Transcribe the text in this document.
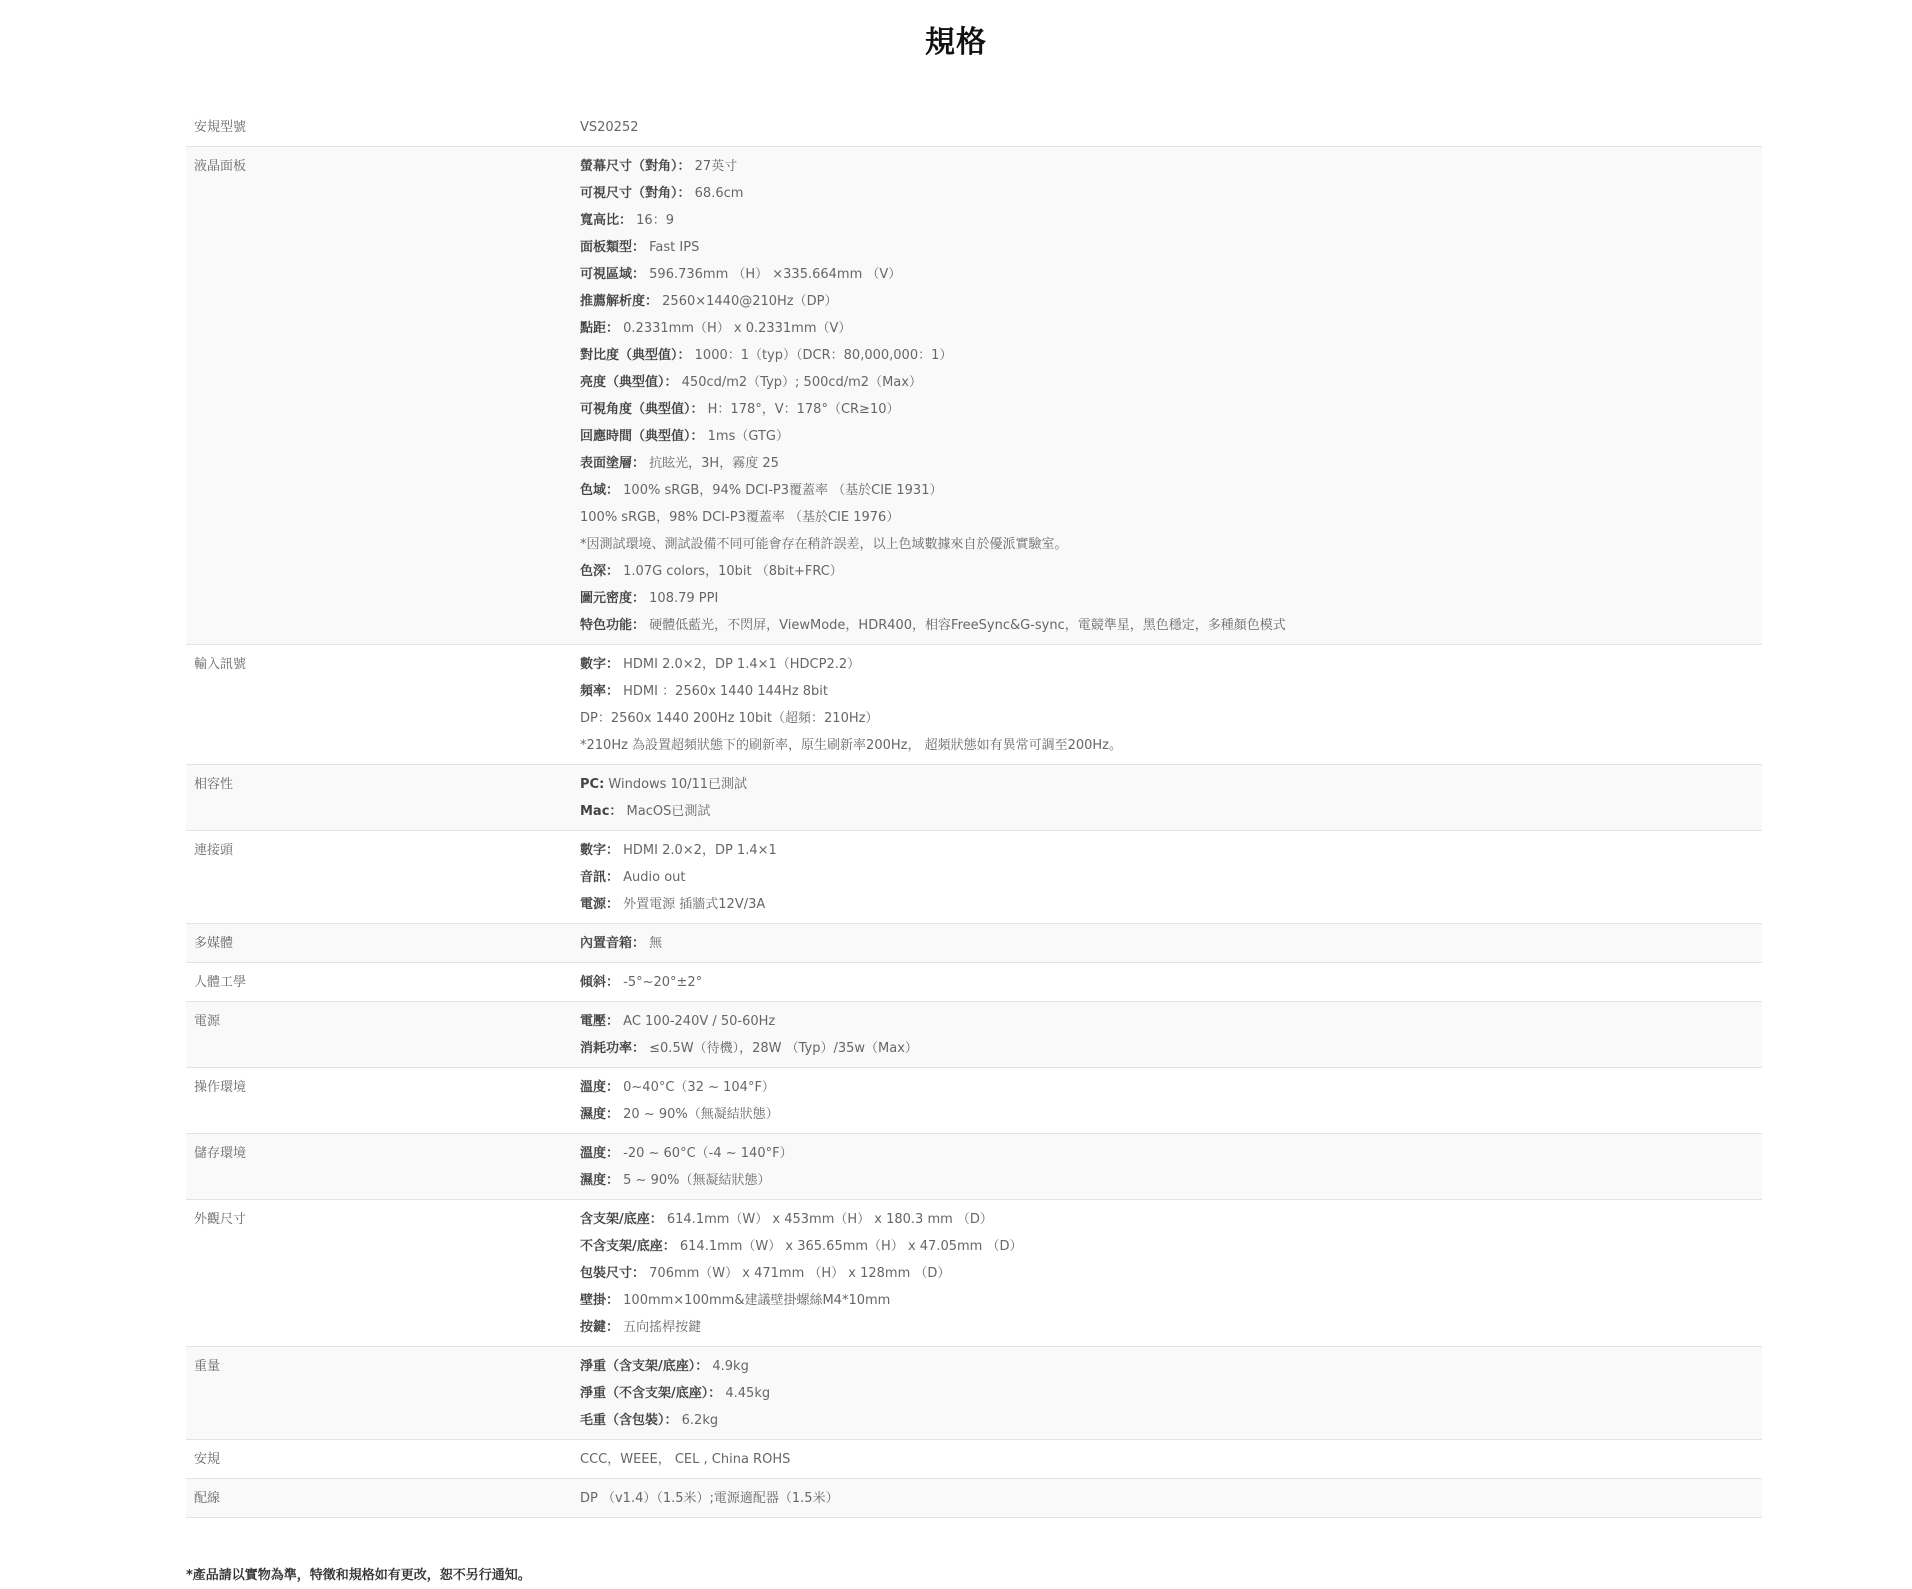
規格
安規型號	VS20252
液晶面板	螢幕尺寸（對角）： 27英寸
可視尺寸（對角）： 68.6cm
寬高比： 16：9
面板類型： Fast IPS
可視區域： 596.736mm （H） ×335.664mm （V）
推薦解析度： 2560×1440@210Hz（DP）
點距： 0.2331mm（H） x 0.2331mm（V）
對比度（典型值）： 1000：1（typ）（DCR：80,000,000：1）
亮度（典型值）： 450cd/m2（Typ）; 500cd/m2（Max）
可視角度（典型值）： H：178°，V：178°（CR≥10）
回應時間（典型值）： 1ms（GTG）
表面塗層： 抗眩光，3H，霧度 25
色域： 100% sRGB，94% DCI-P3覆蓋率 （基於CIE 1931）
100% sRGB，98% DCI-P3覆蓋率 （基於CIE 1976）
*因測試環境、測試設備不同可能會存在稍許誤差，以上色域數據來自於優派實驗室。
色深： 1.07G colors，10bit （8bit+FRC）
圖元密度： 108.79 PPI
特色功能： 硬體低藍光，不閃屏，ViewMode，HDR400，相容FreeSync&G-sync，電競準星，黑色穩定，多種顏色模式
輸入訊號	數字： HDMI 2.0×2，DP 1.4×1（HDCP2.2）
頻率： HDMI ：2560x 1440 144Hz 8bit
DP：2560x 1440 200Hz 10bit（超頻：210Hz）
*210Hz 為設置超頻狀態下的刷新率，原生刷新率200Hz， 超頻狀態如有異常可調至200Hz。
相容性	PC: Windows 10/11已測試
Mac： MacOS已測試
連接頭	數字： HDMI 2.0×2，DP 1.4×1
音訊： Audio out
電源： 外置電源 插牆式12V/3A
多媒體	內置音箱： 無
人體工學	傾斜： -5°~20°±2°
電源	電壓： AC 100-240V / 50-60Hz
消耗功率： ≤0.5W（待機），28W （Typ）/35w（Max）
操作環境	溫度： 0~40°C（32 ~ 104°F）
濕度： 20 ~ 90%（無凝結狀態）
儲存環境	溫度： -20 ~ 60°C（-4 ~ 140°F）
濕度： 5 ~ 90%（無凝結狀態）
外觀尺寸	含支架/底座： 614.1mm（W） x 453mm（H） x 180.3 mm （D）
不含支架/底座： 614.1mm（W） x 365.65mm（H） x 47.05mm （D）
包裝尺寸： 706mm（W） x 471mm （H） x 128mm （D）
壁掛： 100mm×100mm&建議壁掛螺絲M4*10mm
按鍵： 五向搖桿按鍵
重量	淨重（含支架/底座）： 4.9kg
淨重（不含支架/底座）： 4.45kg
毛重（含包裝）： 6.2kg
安規	CCC，WEEE， CEL , China ROHS
配線	DP （v1.4）（1.5米）;電源適配器（1.5米）
*產品請以實物為準，特徵和規格如有更改，恕不另行通知。
